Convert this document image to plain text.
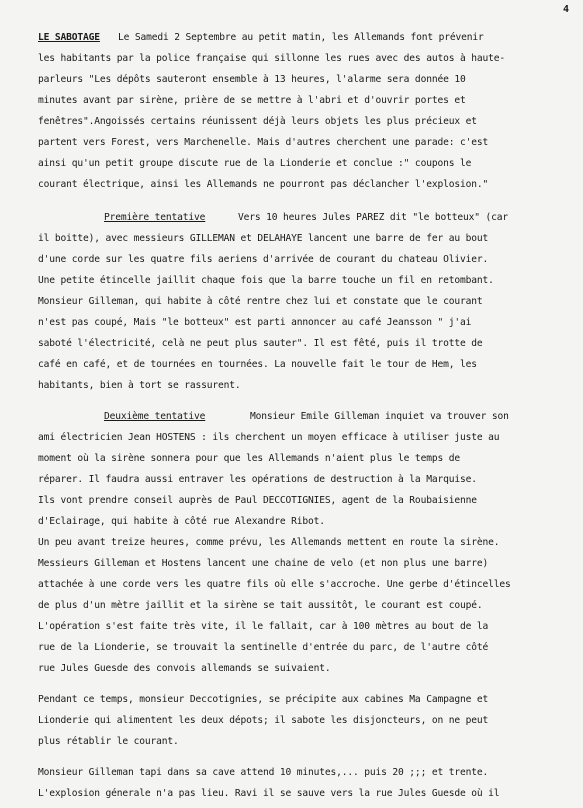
4
LE SABOTAGE Le Samedi 2 Septembre au petit matin, les Allemands font prévenir
les habitants par la police française qui sillonne les rues avec des autos à haute-
parleurs "Les dépôts sauteront ensemble à 13 heures, l'alarme sera donnée 10
minutes avant par sirène, prière de se mettre à l'abri et d'ouvrir portes et
fenêtres".Angoissés certains réunissent déjà leurs objets les plus précieux et
partent vers Forest, vers Marchenelle. Mais d'autres cherchent une parade: c'est
ainsi qu'un petit groupe discute rue de la Lionderie et conclue :" coupons le
courant électrique, ainsi les Allemands ne pourront pas déclancher l'explosion."
Première tentative	Vers 10 heures Jules PAREZ dit "le botteux" (car
il boitte), avec messieurs GILLEMAN et DELAHAYE lancent une barre de fer au bout
d'une corde sur les quatre fils aeriens d'arrivée de courant du chateau Olivier.
Une petite étincelle jaillit chaque fois que la barre touche un fil en retombant.
Monsieur Gilleman, qui habite à côté rentre chez lui et constate que le courant
n'est pas coupé, Mais "le botteux" est parti annoncer au café Jeansson " j'ai
saboté l'électricité, celà ne peut plus sauter". Il est fêté, puis il trotte de
café en café, et de tournées en tournées. La nouvelle fait le tour de Hem, les
habitants, bien à tort se rassurent.
Deuxième tentative	Monsieur Emile Gilleman inquiet va trouver son
ami électricien Jean HOSTENS : ils cherchent un moyen efficace à utiliser juste au
moment où la sirène sonnera pour que les Allemands n'aient plus le temps de
réparer. Il faudra aussi entraver les opérations de destruction à la Marquise.
Ils vont prendre conseil auprès de Paul DECCOTIGNIES, agent de la Roubaisienne
d'Eclairage, qui habite à côté rue Alexandre Ribot.
Un peu avant treize heures, comme prévu, les Allemands mettent en route la sirène.
Messieurs Gilleman et Hostens lancent une chaine de velo (et non plus une barre)
attachée à une corde vers les quatre fils où elle s'accroche. Une gerbe d'étincelles
de plus d'un mètre jaillit et la sirène se tait aussitôt, le courant est coupé.
L'opération s'est faite très vite, il le fallait, car à 100 mètres au bout de la
rue de la Lionderie, se trouvait la sentinelle d'entrée du parc, de l'autre côté
rue Jules Guesde des convois allemands se suivaient.
Pendant ce temps, monsieur Deccotignies, se précipite aux cabines Ma Campagne et
Lionderie qui alimentent les deux dépots; il sabote les disjoncteurs, on ne peut
plus rétablir le courant.
Monsieur Gilleman tapi dans sa cave attend 10 minutes,... puis 20 ;;; et trente.
L'explosion génerale n'a pas lieu. Ravi il se sauve vers la rue Jules Guesde où il
